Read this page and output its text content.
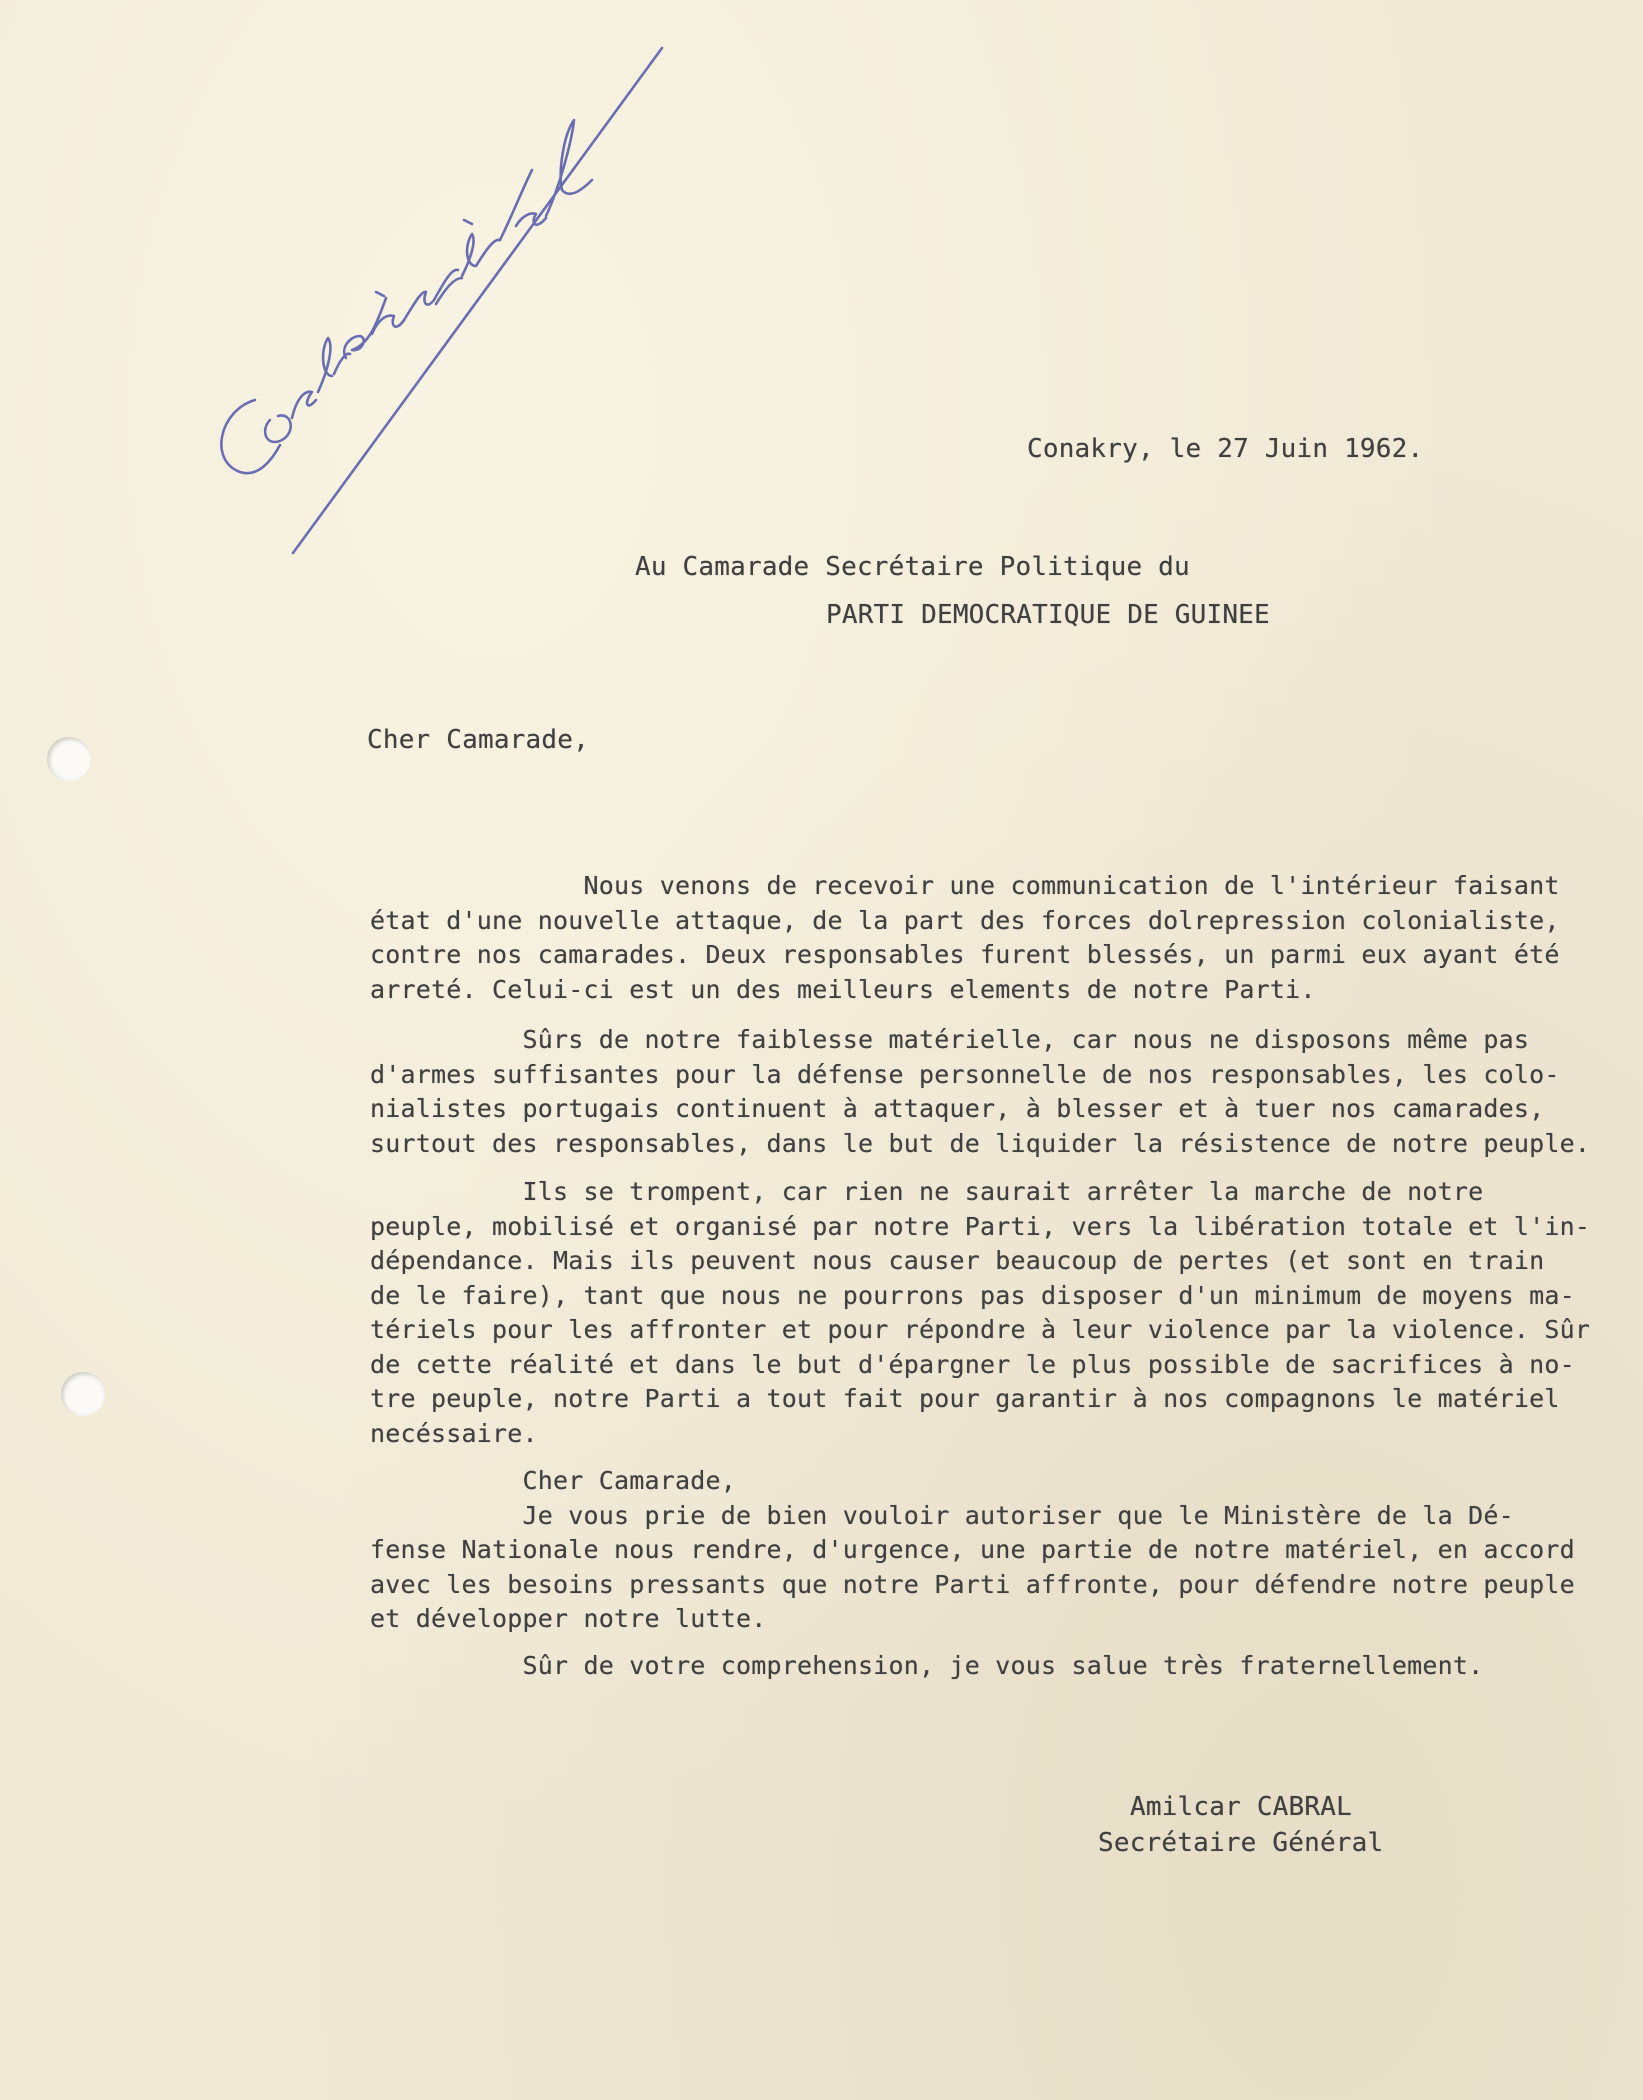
Conakry, le 27 Juin 1962.
Au Camarade Secrétaire Politique du
PARTI DEMOCRATIQUE DE GUINEE
Cher Camarade,

Nous venons de recevoir une communication de l'intérieur faisant
état d'une nouvelle attaque, de la part des forces dolrepression colonialiste,
contre nos camarades. Deux responsables furent blessés, un parmi eux ayant été
arreté. Celui-ci est un des meilleurs elements de notre Parti.

Sûrs de notre faiblesse matérielle, car nous ne disposons même pas
d'armes suffisantes pour la défense personnelle de nos responsables, les colo-
nialistes portugais continuent à attaquer, à blesser et à tuer nos camarades,
surtout des responsables, dans le but de liquider la résistence de notre peuple.

Ils se trompent, car rien ne saurait arrêter la marche de notre
peuple, mobilisé et organisé par notre Parti, vers la libération totale et l'in-
dépendance. Mais ils peuvent nous causer beaucoup de pertes (et sont en train
de le faire), tant que nous ne pourrons pas disposer d'un minimum de moyens ma-
tériels pour les affronter et pour répondre à leur violence par la violence. Sûr
de cette réalité et dans le but d'épargner le plus possible de sacrifices à no-
tre peuple, notre Parti a tout fait pour garantir à nos compagnons le matériel
necéssaire.

Cher Camarade,
Je vous prie de bien vouloir autoriser que le Ministère de la Dé-
fense Nationale nous rendre, d'urgence, une partie de notre matériel, en accord
avec les besoins pressants que notre Parti affronte, pour défendre notre peuple
et développer notre lutte.

Sûr de votre comprehension, je vous salue très fraternellement.

Amilcar CABRAL
Secrétaire Général
